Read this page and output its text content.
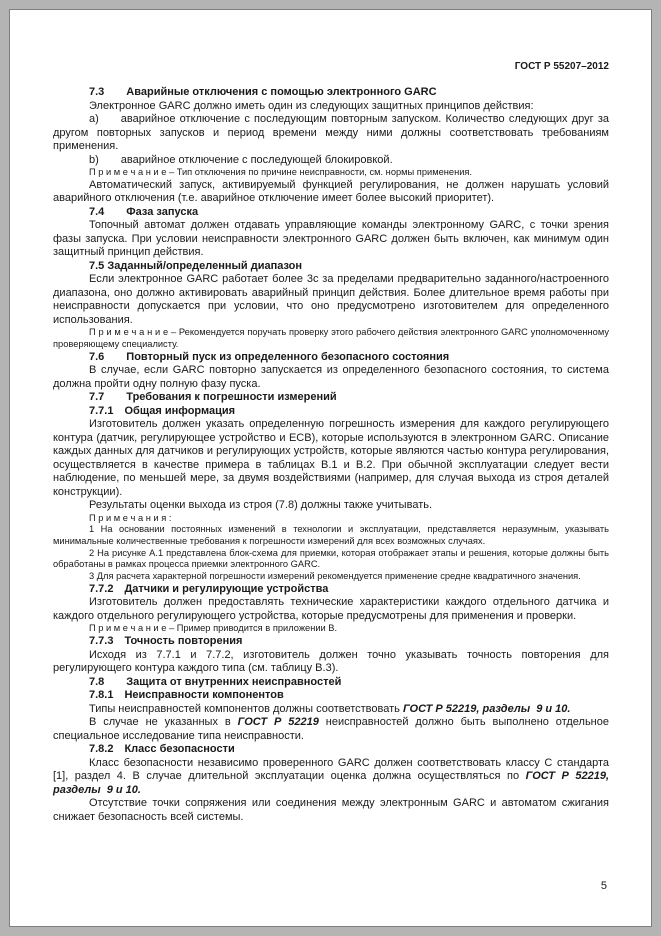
ГОСТ Р 55207–2012

7.3  Аварийные отключения с помощью электронного GARC

Электронное GARC должно иметь один из следующих защитных принципов действия:

а)  аварийное отключение с последующим повторным запуском. Количество следующих друг за другом повторных запусков и период времени между ними должны соответствовать требованиям применения.

b)  аварийное отключение с последующей блокировкой.

П р и м е ч а н и е – Тип отключения по причине неисправности, см. нормы применения.

Автоматический запуск, активируемый функцией регулирования, не должен нарушать условий аварийного отключения (т.е. аварийное отключение имеет более высокий приоритет).

7.4  Фаза запуска

Топочный автомат должен отдавать управляющие команды электронному GARC, с точки зрения фазы запуска. При условии неисправности электронного GARC должен быть включен, как минимум один защитный принцип действия.

7.5 Заданный/определенный диапазон

Если электронное GARC работает более 3с за пределами предварительно заданного/настроенного диапазона, оно должно активировать аварийный принцип действия. Более длительное время работы при неисправности допускается при условии, что оно предусмотрено изготовителем для определенного использования.

П р и м е ч а н и е – Рекомендуется поручать проверку этого рабочего действия электронного GARC уполномоченному проверяющему специалисту.

7.6  Повторный пуск из определенного безопасного состояния

В случае, если GARC повторно запускается из определенного безопасного состояния, то система должна пройти одну полную фазу пуска.

7.7  Требования к погрешности измерений

7.7.1 Общая информация

Изготовитель должен указать определенную погрешность измерения для каждого регулирующего контура (датчик, регулирующее устройство и ЕСВ), которые используются в электронном GARC. Описание каждых данных для датчиков и регулирующих устройств, которые являются частью контура регулирования, осуществляется в качестве примера в таблицах В.1 и В.2. При обычной эксплуатации следует вести наблюдение, по меньшей мере, за двумя воздействиями (например, для случая выхода из строя деталей конструкции).

Результаты оценки выхода из строя (7.8) должны также учитывать.

П р и м е ч а н и я :

1 На основании постоянных изменений в технологии и эксплуатации, представляется неразумным, указывать минимальные количественные требования к погрешности измерений для всех возможных случаях.

2 На рисунке А.1 представлена блок-схема для приемки, которая отображает этапы и решения, которые должны быть обработаны в рамках процесса приемки электронного GARC.

3 Для расчета характерной погрешности измерений рекомендуется применение средне квадратичного значения.

7.7.2 Датчики и регулирующие устройства

Изготовитель должен предоставлять технические характеристики каждого отдельного датчика и каждого отдельного регулирующего устройства, которые предусмотрены для применения и проверки.

П р и м е ч а н и е – Пример приводится в приложении В.

7.7.3 Точность повторения

Исходя из 7.7.1 и 7.7.2, изготовитель должен точно указывать точность повторения для регулирующего контура каждого типа (см. таблицу В.3).

7.8  Защита от внутренних неисправностей

7.8.1 Неисправности компонентов

Типы неисправностей компонентов должны соответствовать ГОСТ Р 52219, разделы  9 и 10.

В случае не указанных в ГОСТ Р 52219 неисправностей должно быть выполнено отдельное специальное исследование типа неисправности.

7.8.2 Класс безопасности

Класс безопасности независимо проверенного GARC должен соответствовать классу С стандарта [1], раздел 4. В случае длительной эксплуатации оценка должна осуществляться по ГОСТ Р 52219, разделы  9 и 10.

Отсутствие точки сопряжения или соединения между электронным GARC и автоматом сжигания снижает безопасность всей системы.

5
